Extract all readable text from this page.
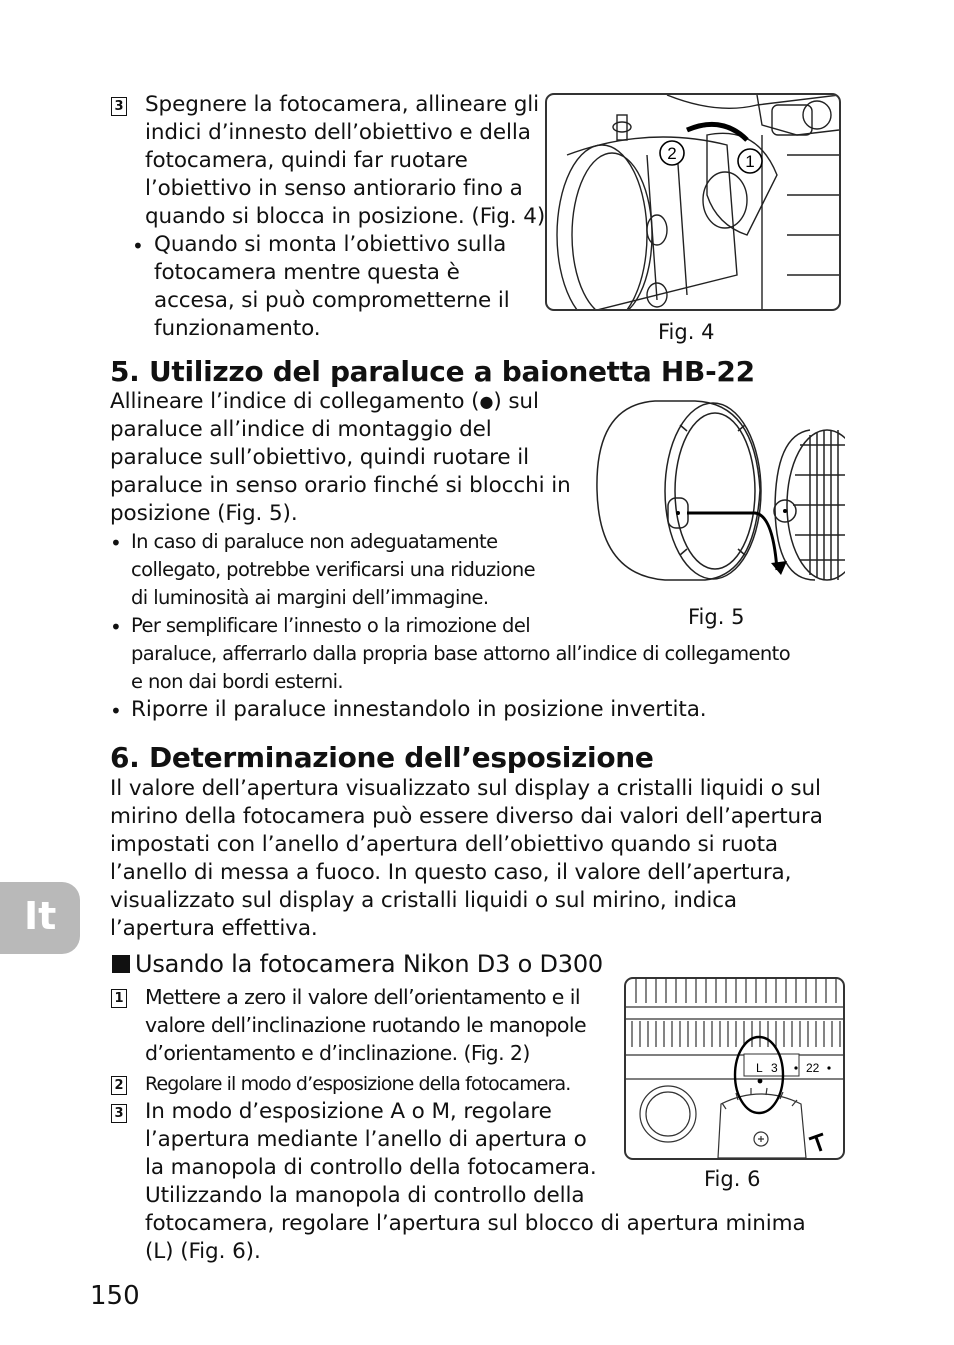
3 Spegnere la fotocamera, allineare gli
indici d’innesto dell’obiettivo e della
fotocamera, quindi far ruotare
l’obiettivo in senso antiorario fino a
quando si blocca in posizione. (Fig. 4)
• Quando si monta l’obiettivo sulla
fotocamera mentre questa è
accesa, si può comprometterne il
funzionamento.
2	1
Fig. 4
5. Utilizzo del paraluce a baionetta HB-22
Allineare l’indice di collegamento (●) sul
paraluce all’indice di montaggio del
paraluce sull’obiettivo, quindi ruotare il
paraluce in senso orario finché si blocchi in
posizione (Fig. 5).
• In caso di paraluce non adeguatamente
collegato, potrebbe verificarsi una riduzione
di luminosità ai margini dell’immagine.
• Per semplificare l’innesto o la rimozione del
paraluce, afferrarlo dalla propria base attorno all’indice di collegamento
e non dai bordi esterni.
• Riporre il paraluce innestandolo in posizione invertita.
Fig. 5
6. Determinazione dell’esposizione
Il valore dell’apertura visualizzato sul display a cristalli liquidi o sul
mirino della fotocamera può essere diverso dai valori dell’apertura
impostati con l’anello d’apertura dell’obiettivo quando si ruota
l’anello di messa a fuoco. In questo caso, il valore dell’apertura,
visualizzato sul display a cristalli liquidi o sul mirino, indica
l’apertura effettiva.
Usando la fotocamera Nikon D3 o D300
1 Mettere a zero il valore dell’orientamento e il
valore dell’inclinazione ruotando le manopole
d’orientamento e d’inclinazione. (Fig. 2)
2 Regolare il modo d’esposizione della fotocamera.
3 In modo d’esposizione A o M, regolare
l’apertura mediante l’anello di apertura o
la manopola di controllo della fotocamera.
Utilizzando la manopola di controllo della
fotocamera, regolare l’apertura sul blocco di apertura minima
(L) (Fig. 6).
L 3 22
Fig. 6
It
150
